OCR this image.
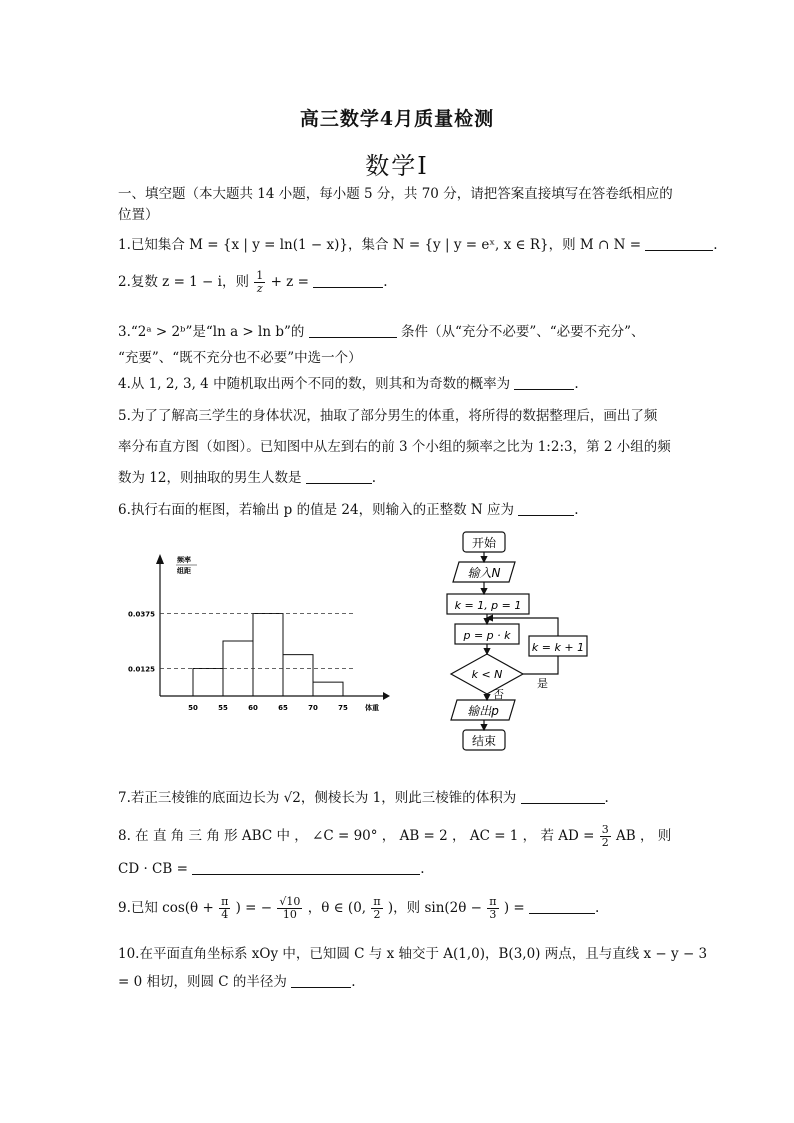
高三数学4月质量检测
数学Ⅰ
一、填空题（本大题共 14 小题，每小题 5 分，共 70 分，请把答案直接填写在答卷纸相应的
位置）
1.已知集合 M = {x | y = ln(1 − x)}，集合 N = {y | y = eˣ, x ∈ R}，则 M ∩ N =	.
2.复数 z = 1 − i，则 $\frac{1}{z} + z$ =	.
3.“2ᵃ > 2ᵇ”是“ln a > ln b”的	条件（从“充分不必要”、“必要不充分”、
“充要”、“既不充分也不必要”中选一个）
4.从 1, 2, 3, 4 中随机取出两个不同的数，则其和为奇数的概率为	.
5.为了了解高三学生的身体状况，抽取了部分男生的体重，将所得的数据整理后，画出了频
率分布直方图（如图）。已知图中从左到右的前 3 个小组的频率之比为 1:2:3，第 2 小组的频
数为 12，则抽取的男生人数是	.
6.执行右面的框图，若输出 p 的值是 24，则输入的正整数 N 应为	.
频率
组距
体重
50	55	60	65	70	75
0.0375
0.0125
开始
输入N
k = 1, p = 1
p = p · k
k = k + 1
k < N
是
否
输出p
结束
7.若正三棱锥的底面边长为 √2，侧棱长为 1，则此三棱锥的体积为	.
8. 在 直 角 三 角 形 ABC 中 ， ∠C = 90° ， AB = 2 ， AC = 1 ， 若 AD = $\frac{3}{2}$ AB ， 则
CD · CB =	.
9.已知 $\cos(\theta + \frac{\pi}{4}$ ) = − $\frac{√10}{10}$ ，θ ∈ (0, $\frac{\pi}{2}$ )，则 $\sin(2\theta - \frac{\pi}{3}$ ) =	.
10.在平面直角坐标系 xOy 中，已知圆 C 与 x 轴交于 A(1,0)，B(3,0) 两点，且与直线 x − y − 3
= 0 相切，则圆 C 的半径为	.
